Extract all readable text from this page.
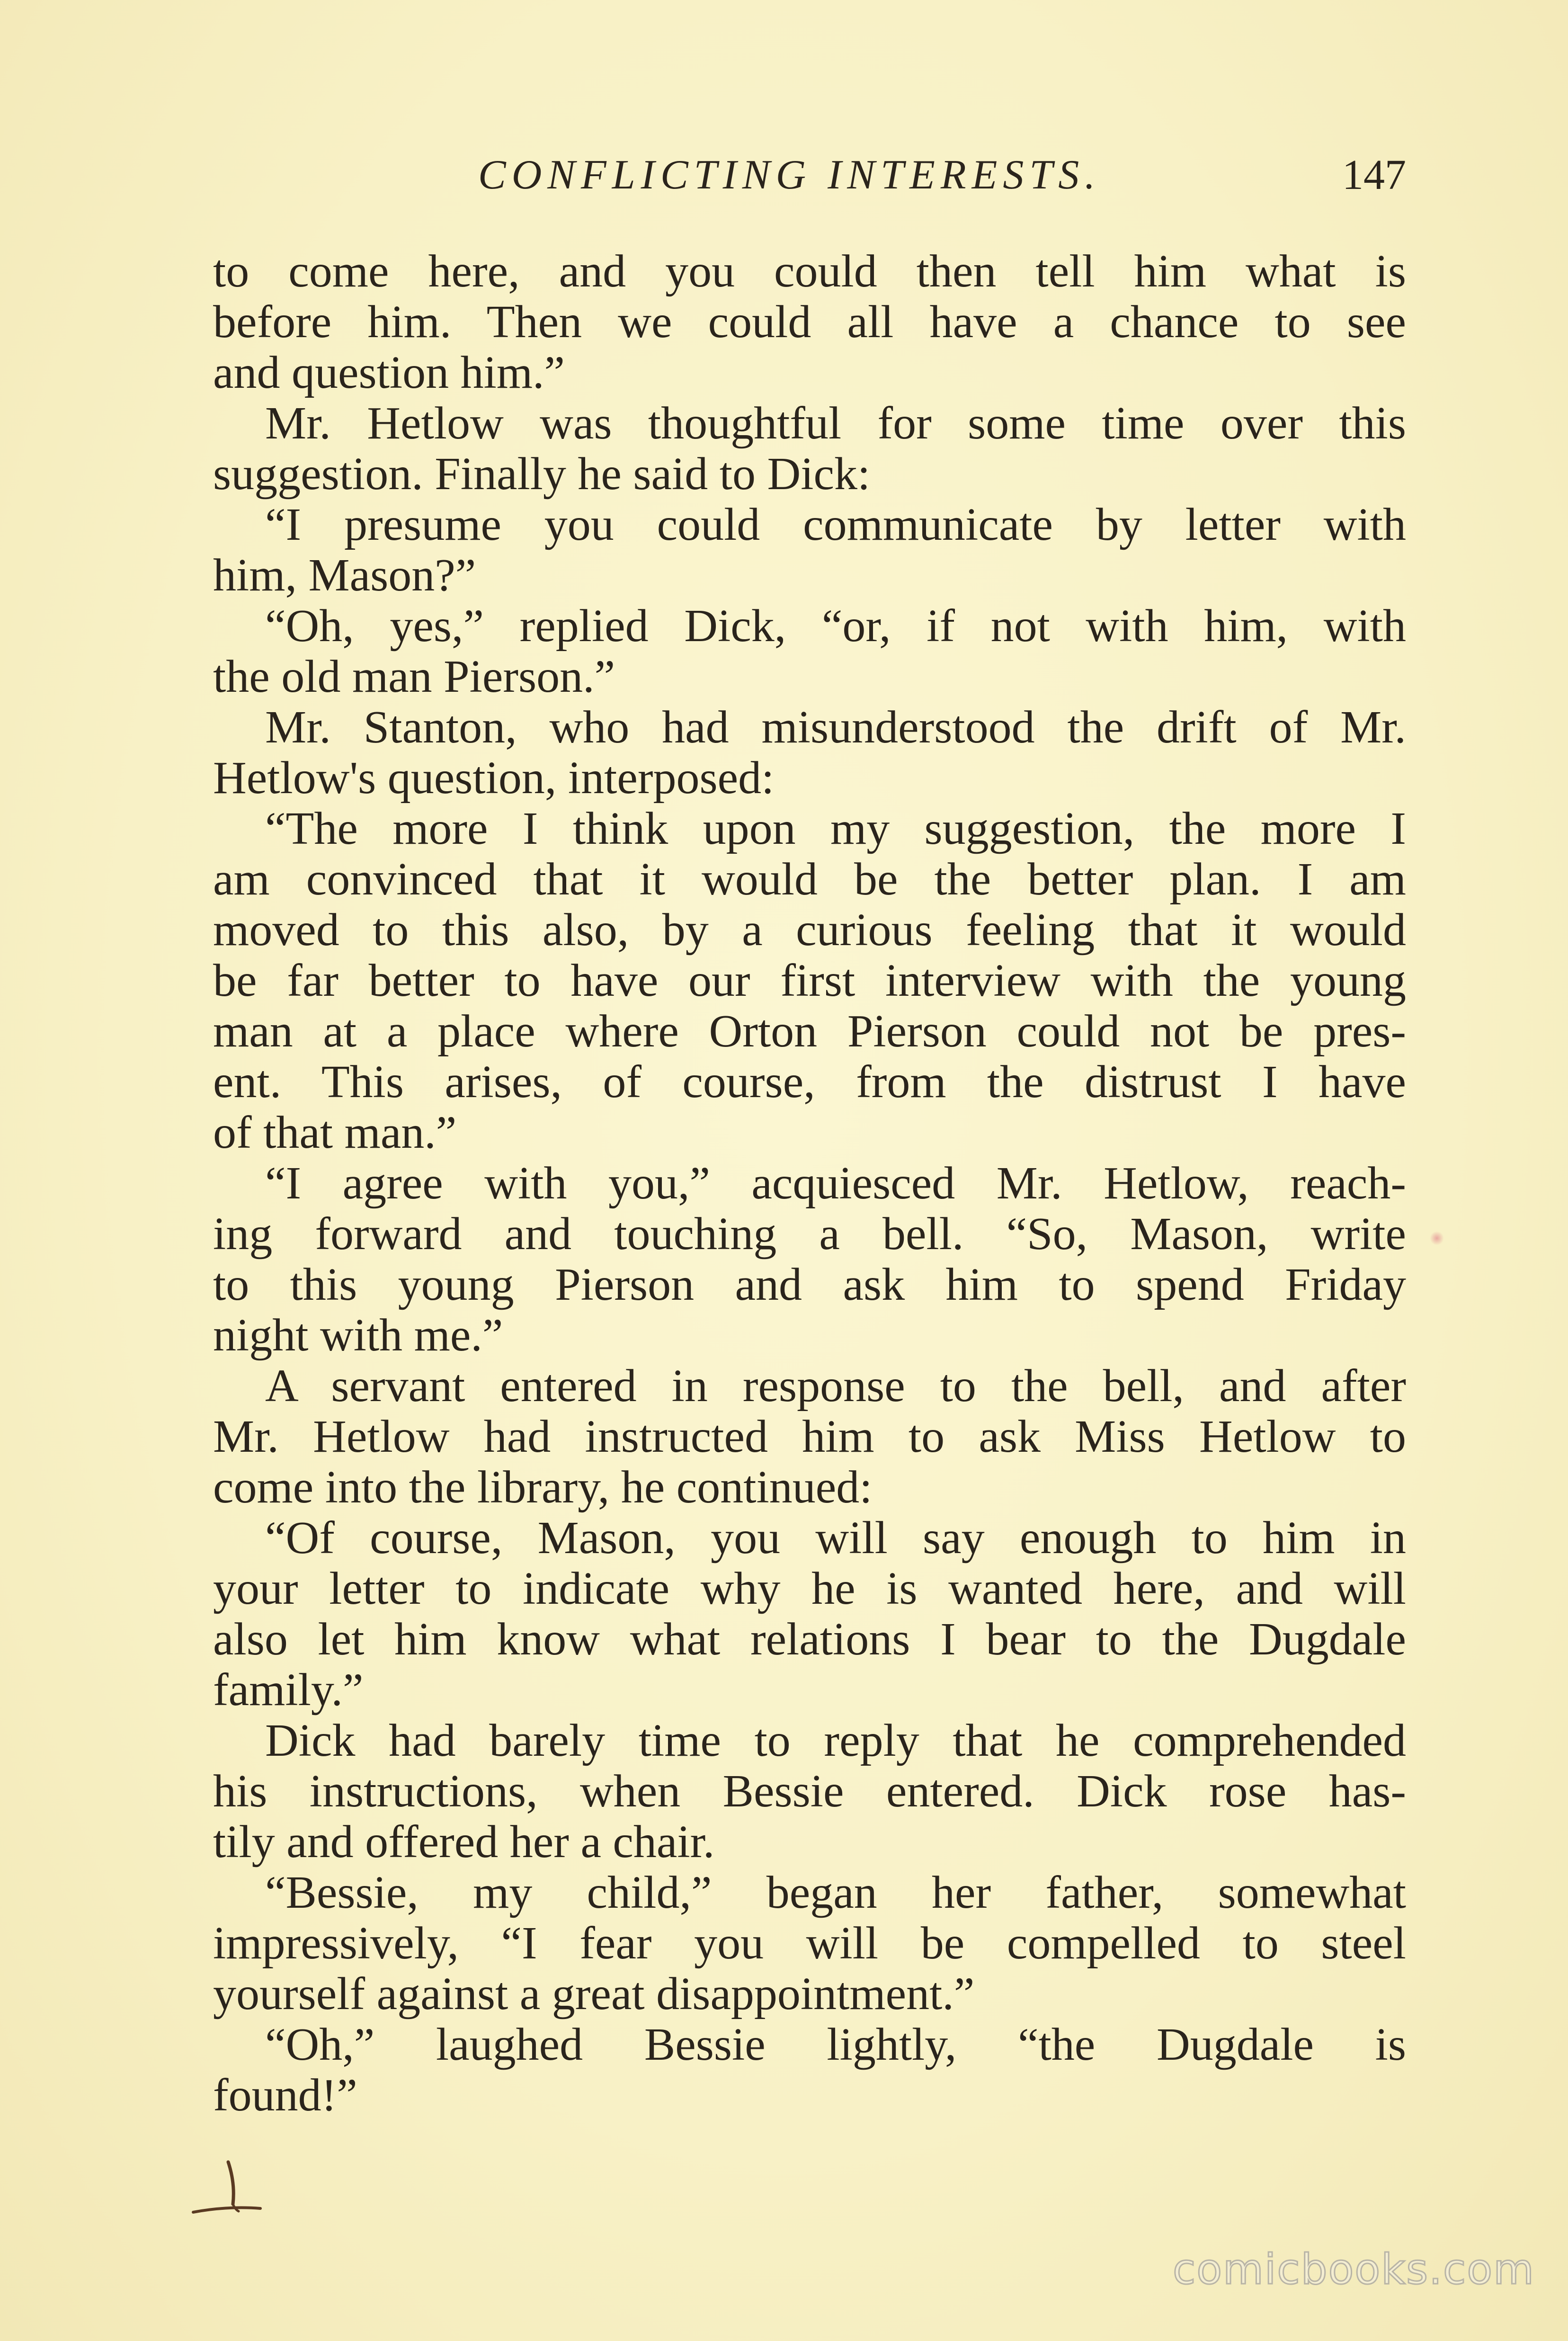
CONFLICTING INTERESTS.	147
to come here, and you could then tell him what is
before him. Then we could all have a chance to see
and question him.”
Mr. Hetlow was thoughtful for some time over this
suggestion. Finally he said to Dick:
“I presume you could communicate by letter with
him, Mason?”
“Oh, yes,” replied Dick, “or, if not with him, with
the old man Pierson.”
Mr. Stanton, who had misunderstood the drift of Mr.
Hetlow's question, interposed:
“The more I think upon my suggestion, the more I
am convinced that it would be the better plan. I am
moved to this also, by a curious feeling that it would
be far better to have our first interview with the young
man at a place where Orton Pierson could not be pres-
ent. This arises, of course, from the distrust I have
of that man.”
“I agree with you,” acquiesced Mr. Hetlow, reach-
ing forward and touching a bell. “So, Mason, write
to this young Pierson and ask him to spend Friday
night with me.”
A servant entered in response to the bell, and after
Mr. Hetlow had instructed him to ask Miss Hetlow to
come into the library, he continued:
“Of course, Mason, you will say enough to him in
your letter to indicate why he is wanted here, and will
also let him know what relations I bear to the Dugdale
family.”
Dick had barely time to reply that he comprehended
his instructions, when Bessie entered. Dick rose has-
tily and offered her a chair.
“Bessie, my child,” began her father, somewhat
impressively, “I fear you will be compelled to steel
yourself against a great disappointment.”
“Oh,” laughed Bessie lightly, “the Dugdale is
found!”
comicbooks.com
